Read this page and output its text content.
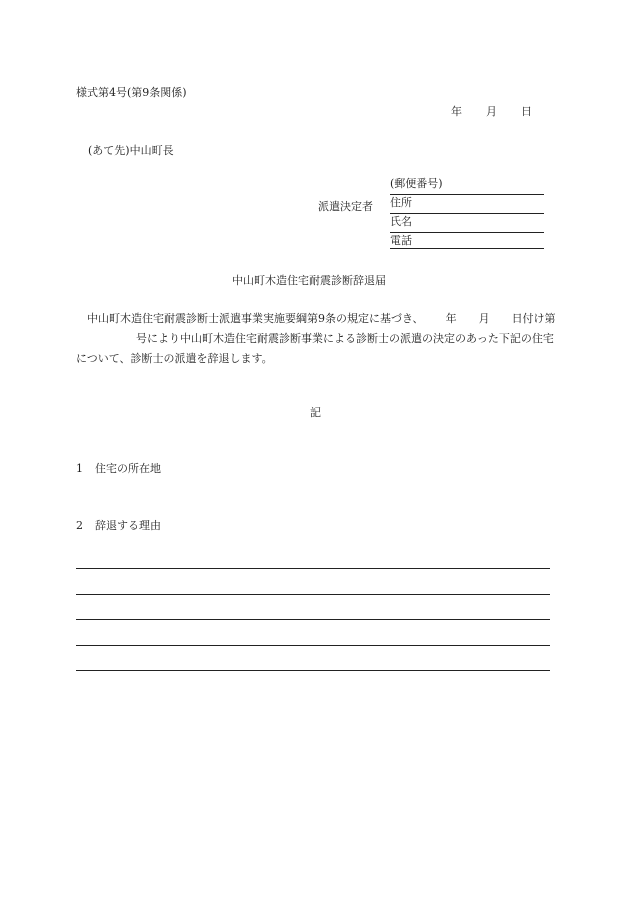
様式第4号(第9条関係)
年 月 日
(あて先)中山町長
派遣決定者
(郵便番号)
住所
氏名
電話
中山町木造住宅耐震診断辞退届
中山町木造住宅耐震診断士派遣事業実施要綱第9条の規定に基づき、 年 月 日付け第号により中山町木造住宅耐震診断事業による診断士の派遣の決定のあった下記の住宅について、診断士の派遣を辞退します。
記
1 住宅の所在地
2 辞退する理由
